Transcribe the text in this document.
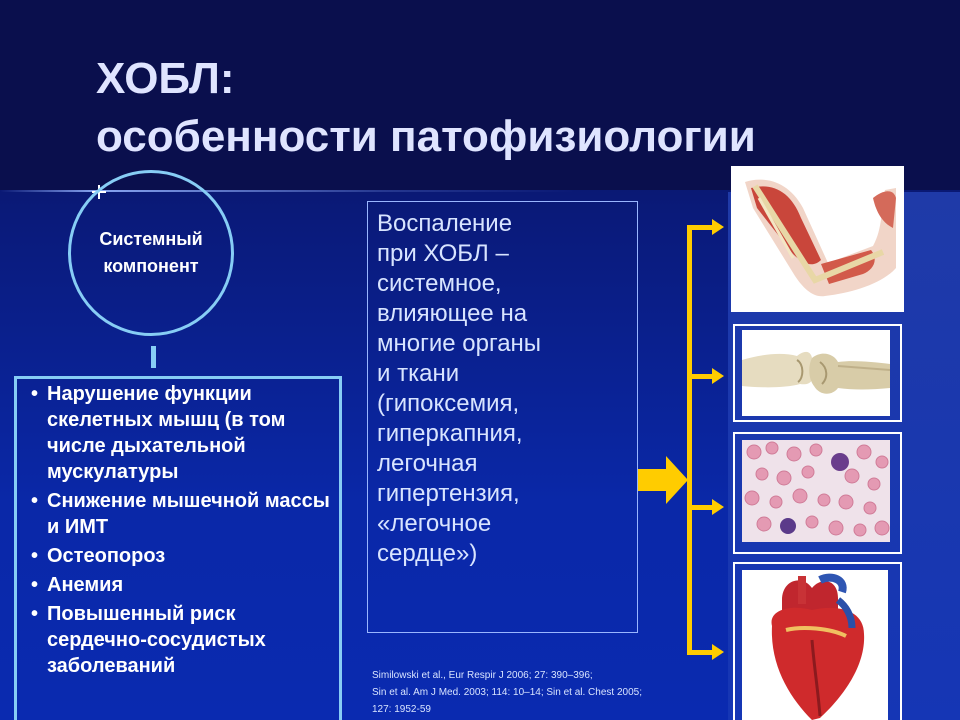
ХОБЛ:
особенности патофизиологии
Системный
компонент
• Нарушение функции скелетных мышц (в том числе дыхательной мускулатуры
• Снижение мышечной массы и ИМТ
• Остеопороз
• Анемия
• Повышенный риск сердечно-сосудистых заболеваний
Воспаление
при ХОБЛ –
системное,
влияющее на
многие органы
и ткани
(гипоксемия,
гиперкапния,
легочная
гипертензия,
«легочное
сердце»)
Similowski et al., Eur Respir J 2006; 27: 390–396;
Sin et al. Am J Med. 2003; 114: 10–14; Sin et al. Chest 2005;
127: 1952-59
